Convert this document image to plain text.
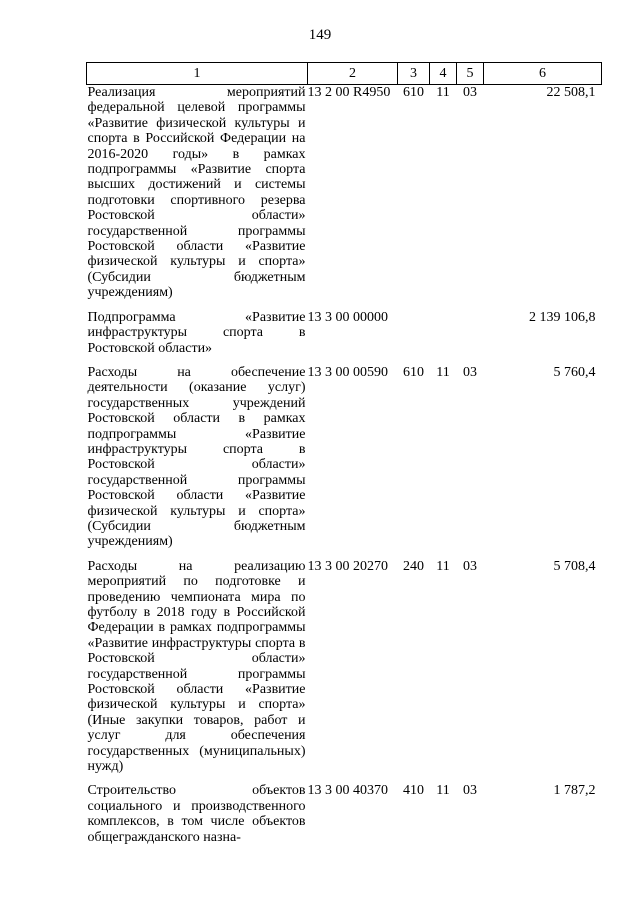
149
1	2	3	4	5	6
Реализация мероприятий федеральной целевой программы «Развитие физической культуры и спорта в Российской Федерации на 2016-2020 годы» в рамках подпрограммы «Развитие спорта высших достижений и системы подготовки спортивного резерва Ростовской области» государственной программы Ростовской области «Развитие физической культуры и спорта» (Субсидии бюджетным учреждениям)	13 2 00 R4950	610	11	03	22 508,1
Подпрограмма «Развитие инфраструктуры спорта в Ростовской области»	13 3 00 00000				2 139 106,8
Расходы на обеспечение деятельности (оказание услуг) государственных учреждений Ростовской области в рамках подпрограммы «Развитие инфраструктуры спорта в Ростовской области» государственной программы Ростовской области «Развитие физической культуры и спорта» (Субсидии бюджетным учреждениям)	13 3 00 00590	610	11	03	5 760,4
Расходы на реализацию мероприятий по подготовке и проведению чемпионата мира по футболу в 2018 году в Российской Федерации в рамках подпрограммы «Развитие инфраструктуры спорта в Ростовской области» государственной программы Ростовской области «Развитие физической культуры и спорта» (Иные закупки товаров, работ и услуг для обеспечения государственных (муниципальных) нужд)	13 3 00 20270	240	11	03	5 708,4
Строительство объектов социального и производственного комплексов, в том числе объектов общегражданского назна-	13 3 00 40370	410	11	03	1 787,2
